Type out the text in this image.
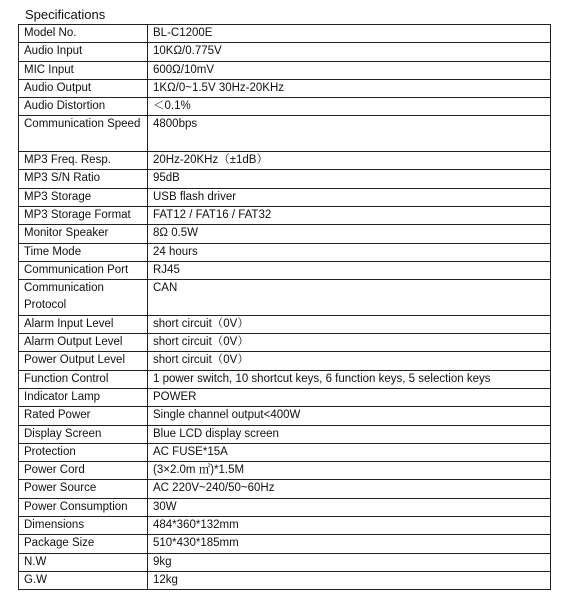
Specifications
Model No.	BL-C1200E
Audio Input	10KΩ/0.775V
MIC Input	600Ω/10mV
Audio Output	1KΩ/0~1.5V 30Hz-20KHz
Audio Distortion	＜0.1%
Communication Speed	4800bps
MP3 Freq. Resp.	20Hz-20KHz（±1dB）
MP3 S/N Ratio	95dB
MP3 Storage	USB flash driver
MP3 Storage Format	FAT12 / FAT16 / FAT32
Monitor Speaker	8Ω 0.5W
Time Mode	24 hours
Communication Port	RJ45
Communication Protocol	CAN
Alarm Input Level	short circuit（0V）
Alarm Output Level	short circuit（0V）
Power Output Level	short circuit（0V）
Function Control	1 power switch, 10 shortcut keys, 6 function keys, 5 selection keys
Indicator Lamp	POWER
Rated Power	Single channel output<400W
Display Screen	Blue LCD display screen
Protection	AC FUSE*15A
Power Cord	(3×2.0m ㎡)*1.5M
Power Source	AC 220V~240/50~60Hz
Power Consumption	30W
Dimensions	484*360*132mm
Package Size	510*430*185mm
N.W	9kg
G.W	12kg
